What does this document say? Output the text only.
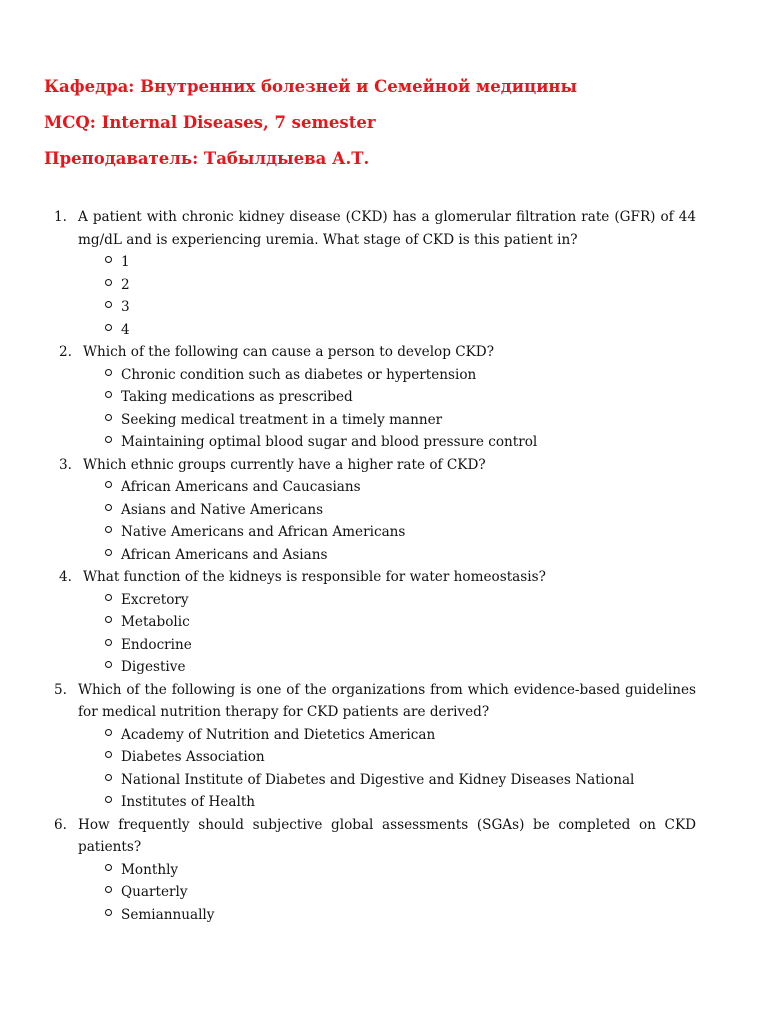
Кафедра: Внутренних болезней и Семейной медицины
MCQ: Internal Diseases, 7 semester
Преподаватель: Табылдыева А.Т.
1. A patient with chronic kidney disease (CKD) has a glomerular filtration rate (GFR) of 44 mg/dL and is experiencing uremia. What stage of CKD is this patient in?
1
2
3
4
2. Which of the following can cause a person to develop CKD?
Chronic condition such as diabetes or hypertension
Taking medications as prescribed
Seeking medical treatment in a timely manner
Maintaining optimal blood sugar and blood pressure control
3. Which ethnic groups currently have a higher rate of CKD?
African Americans and Caucasians
Asians and Native Americans
Native Americans and African Americans
African Americans and Asians
4. What function of the kidneys is responsible for water homeostasis?
Excretory
Metabolic
Endocrine
Digestive
5. Which of the following is one of the organizations from which evidence-based guidelines for medical nutrition therapy for CKD patients are derived?
Academy of Nutrition and Dietetics American
Diabetes Association
National Institute of Diabetes and Digestive and Kidney Diseases National
Institutes of Health
6. How frequently should subjective global assessments (SGAs) be completed on CKD patients?
Monthly
Quarterly
Semiannually
